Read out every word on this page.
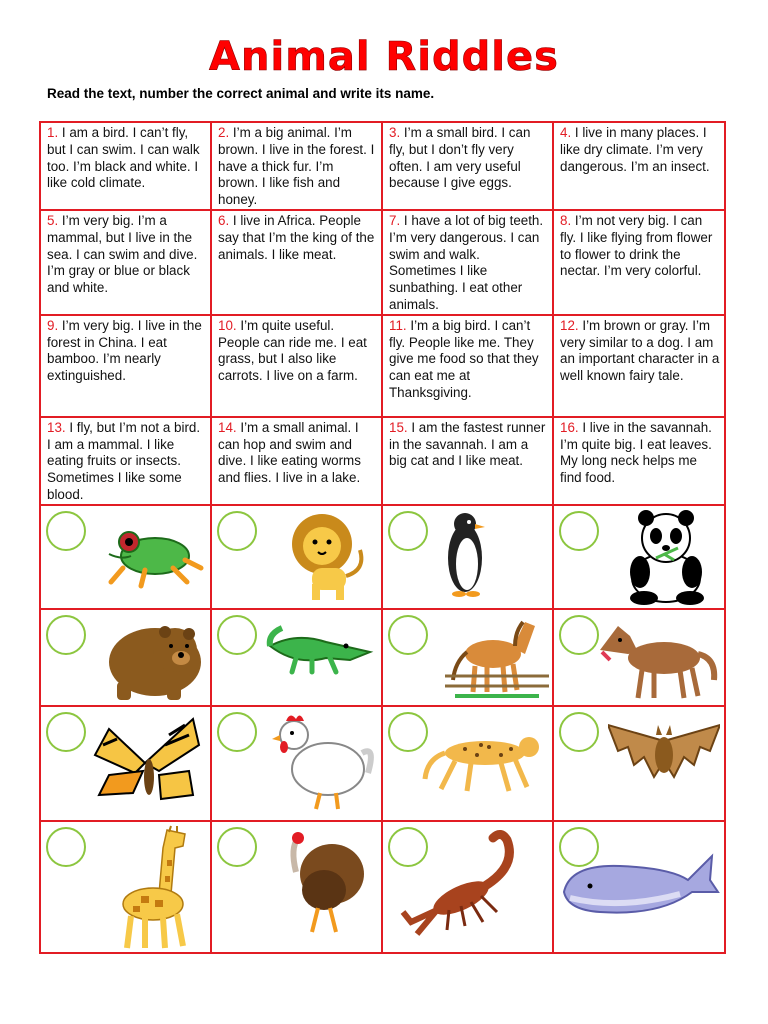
Animal Riddles
Read the text, number the correct animal and write its name.
1. I am a bird. I can’t fly, but I can swim. I can walk too. I’m black and white. I like cold climate.	2. I’m a big animal. I’m brown. I live in the forest. I have a thick fur. I’m brown. I like fish and honey.	3. I’m a small bird. I can fly, but I don’t fly very often. I am very useful because I give eggs.	4. I live in many places. I like dry climate. I’m very dangerous. I’m an insect.

5. I’m very big. I’m a mammal, but I live in the sea. I can swim and dive. I’m gray or blue or black and white.	6. I live in Africa. People say that I’m the king of the animals. I like meat.	7. I have a lot of big teeth. I’m very dangerous. I can swim and walk. Sometimes I like sunbathing. I eat other animals.	8. I’m not very big. I can fly. I like flying from flower to flower to drink the nectar. I’m very colorful.

9. I’m very big. I live in the forest in China. I eat bamboo. I’m nearly extinguished.	10. I’m quite useful. People can ride me. I eat grass, but I also like carrots. I live on a farm.	11. I’m a big bird. I can’t fly. People like me. They give me food so that they can eat me at Thanksgiving.	12. I’m brown or gray. I’m very similar to a dog. I am an important character in a well known fairy tale.

13. I fly, but I’m not a bird. I am a mammal. I like eating fruits or insects. Sometimes I like some blood.	14. I’m a small animal. I can hop and swim and dive. I like eating worms and flies. I live in a lake.	15. I am the fastest runner in the savannah. I am a big cat and I like meat.	16. I live in the savannah. I’m quite big. I eat leaves. My long neck helps me find food.
